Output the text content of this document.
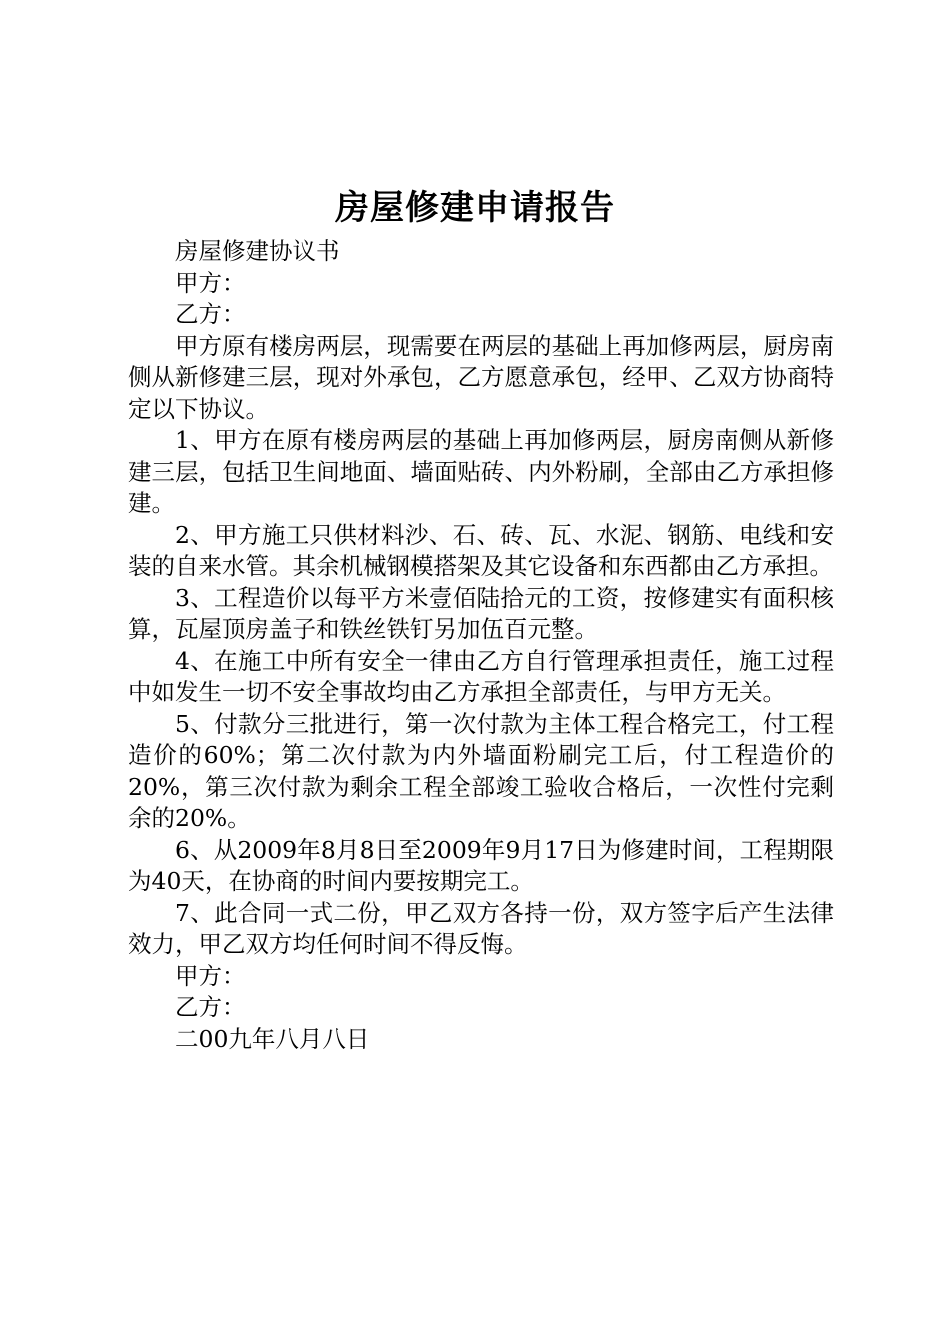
房屋修建申请报告

房屋修建协议书

甲方：

乙方：

甲方原有楼房两层，现需要在两层的基础上再加修两层，厨房南侧从新修建三层，现对外承包，乙方愿意承包，经甲、乙双方协商特定以下协议。

1、甲方在原有楼房两层的基础上再加修两层，厨房南侧从新修建三层，包括卫生间地面、墙面贴砖、内外粉刷，全部由乙方承担修建。

2、甲方施工只供材料沙、石、砖、瓦、水泥、钢筋、电线和安装的自来水管。其余机械钢模搭架及其它设备和东西都由乙方承担。

3、工程造价以每平方米壹佰陆拾元的工资，按修建实有面积核算，瓦屋顶房盖子和铁丝铁钉另加伍百元整。

4、在施工中所有安全一律由乙方自行管理承担责任，施工过程中如发生一切不安全事故均由乙方承担全部责任，与甲方无关。

5、付款分三批进行，第一次付款为主体工程合格完工，付工程造价的60%；第二次付款为内外墙面粉刷完工后，付工程造价的20%，第三次付款为剩余工程全部竣工验收合格后，一次性付完剩余的20%。

6、从2009年8月8日至2009年9月17日为修建时间，工程期限为40天，在协商的时间内要按期完工。

7、此合同一式二份，甲乙双方各持一份，双方签字后产生法律效力，甲乙双方均任何时间不得反悔。

甲方：

乙方：

二00九年八月八日
